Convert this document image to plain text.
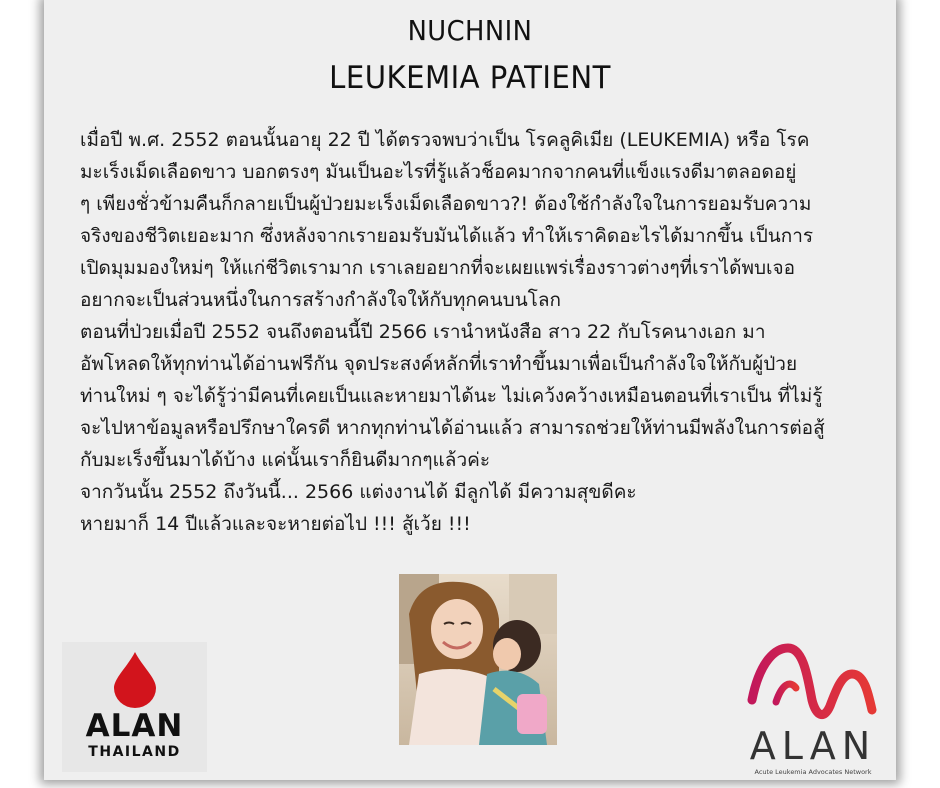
NUCHNIN
LEUKEMIA PATIENT
เมื่อปี พ.ศ. 2552 ตอนนั้นอายุ 22 ปี ได้ตรวจพบว่าเป็น โรคลูคิเมีย (LEUKEMIA) หรือ โรค
มะเร็งเม็ดเลือดขาว บอกตรงๆ มันเป็นอะไรที่รู้แล้วช็อคมากจากคนที่แข็งแรงดีมาตลอดอยู่
ๆ เพียงชั่วข้ามคืนก็กลายเป็นผู้ป่วยมะเร็งเม็ดเลือดขาว?! ต้องใช้กำลังใจในการยอมรับความ
จริงของชีวิตเยอะมาก ซึ่งหลังจากเรายอมรับมันได้แล้ว ทำให้เราคิดอะไรได้มากขึ้น เป็นการ
เปิดมุมมองใหม่ๆ ให้แก่ชีวิตเรามาก เราเลยอยากที่จะเผยแพร่เรื่องราวต่างๆที่เราได้พบเจอ
อยากจะเป็นส่วนหนึ่งในการสร้างกำลังใจให้กับทุกคนบนโลก
ตอนที่ป่วยเมื่อปี 2552 จนถึงตอนนี้ปี 2566 เรานำหนังสือ สาว 22 กับโรคนางเอก มา
อัพโหลดให้ทุกท่านได้อ่านฟรีกัน จุดประสงค์หลักที่เราทำขึ้นมาเพื่อเป็นกำลังใจให้กับผู้ป่วย
ท่านใหม่ ๆ จะได้รู้ว่ามีคนที่เคยเป็นและหายมาได้นะ ไม่เคว้งคว้างเหมือนตอนที่เราเป็น ที่ไม่รู้
จะไปหาข้อมูลหรือปรึกษาใครดี หากทุกท่านได้อ่านแล้ว สามารถช่วยให้ท่านมีพลังในการต่อสู้
กับมะเร็งขึ้นมาได้บ้าง แค่นั้นเราก็ยินดีมากๆแล้วค่ะ
จากวันนั้น 2552 ถึงวันนี้... 2566 แต่งงานได้ มีลูกได้ มีความสุขดีคะ
หายมาก็ 14 ปีแล้วและจะหายต่อไป !!! สู้เว้ย !!!
ALAN
THAILAND	ALAN
Acute Leukemia Advocates Network
